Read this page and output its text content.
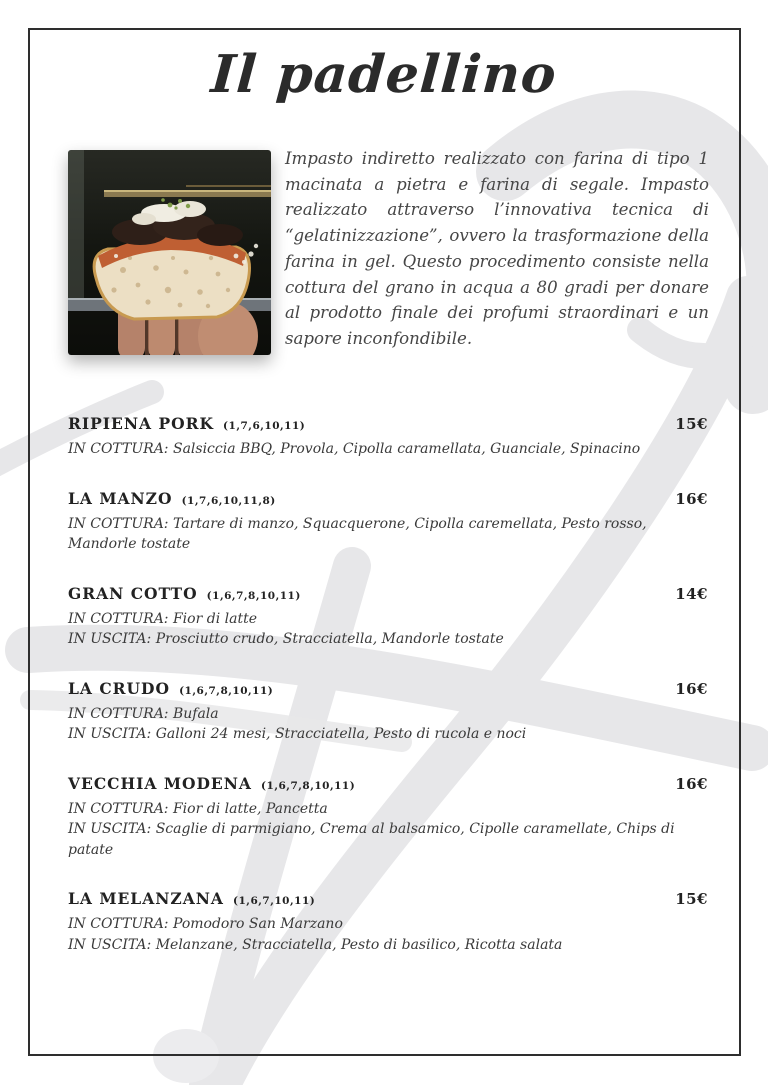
Il padellino
Impasto indiretto realizzato con farina di tipo 1 macinata a pietra e farina di segale. Impasto realizzato attraverso l’innovativa tecnica di “gelatinizzazione”, ovvero la trasformazione della farina in gel. Questo procedimento consiste nella cottura del grano in acqua a 80 gradi per donare al prodotto finale dei profumi straordinari e un sapore inconfondibile.
RIPIENA PORK (1,7,6,10,11)	15€
IN COTTURA: Salsiccia BBQ, Provola, Cipolla caramellata, Guanciale, Spinacino
LA MANZO (1,7,6,10,11,8)	16€
IN COTTURA: Tartare di manzo, Squacquerone, Cipolla caremellata, Pesto rosso, Mandorle tostate
GRAN COTTO (1,6,7,8,10,11)	14€
IN COTTURA: Fior di latte
IN USCITA: Prosciutto crudo, Stracciatella, Mandorle tostate
LA CRUDO (1,6,7,8,10,11)	16€
IN COTTURA: Bufala
IN USCITA: Galloni 24 mesi, Stracciatella, Pesto di rucola e noci
VECCHIA MODENA (1,6,7,8,10,11)	16€
IN COTTURA: Fior di latte, Pancetta
IN USCITA: Scaglie di parmigiano, Crema al balsamico, Cipolle caramellate, Chips di patate
LA MELANZANA (1,6,7,10,11)	15€
IN COTTURA: Pomodoro San Marzano
IN USCITA: Melanzane, Stracciatella, Pesto di basilico, Ricotta salata
